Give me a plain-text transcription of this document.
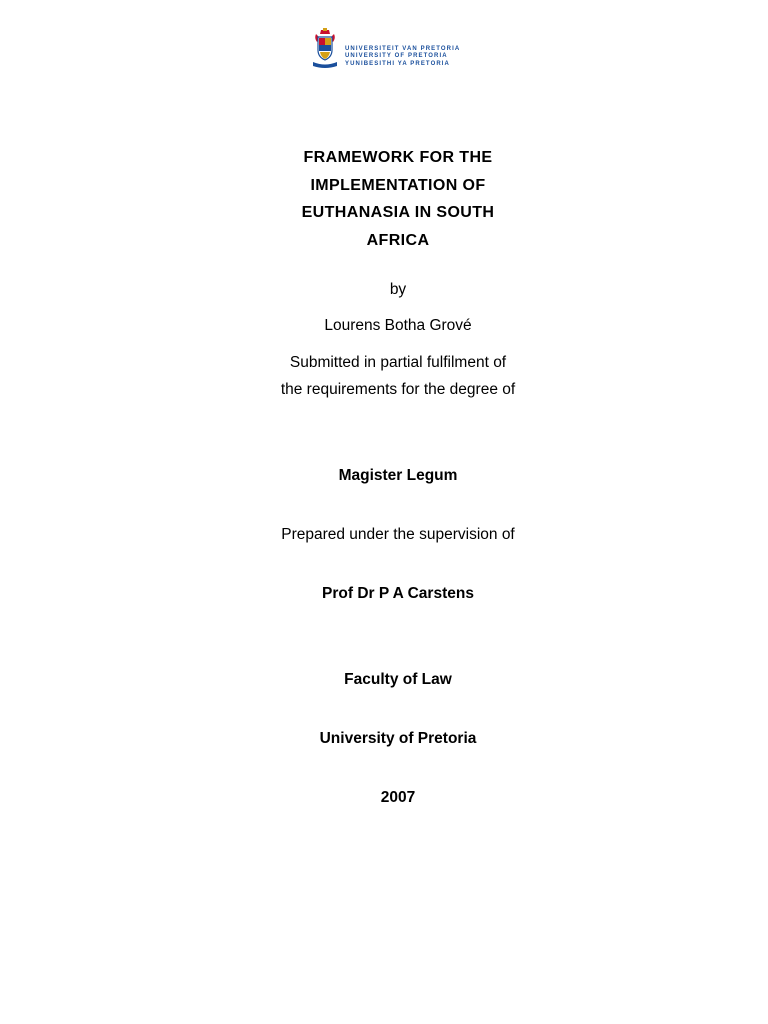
UNIVERSITEIT VAN PRETORIA
UNIVERSITY OF PRETORIA
YUNIBESITHI YA PRETORIA
FRAMEWORK FOR THE
IMPLEMENTATION OF
EUTHANASIA IN SOUTH
AFRICA
by
Lourens Botha Grové
Submitted in partial fulfilment of
the requirements for the degree of
Magister Legum
Prepared under the supervision of
Prof Dr P A Carstens
Faculty of Law
University of Pretoria
2007
